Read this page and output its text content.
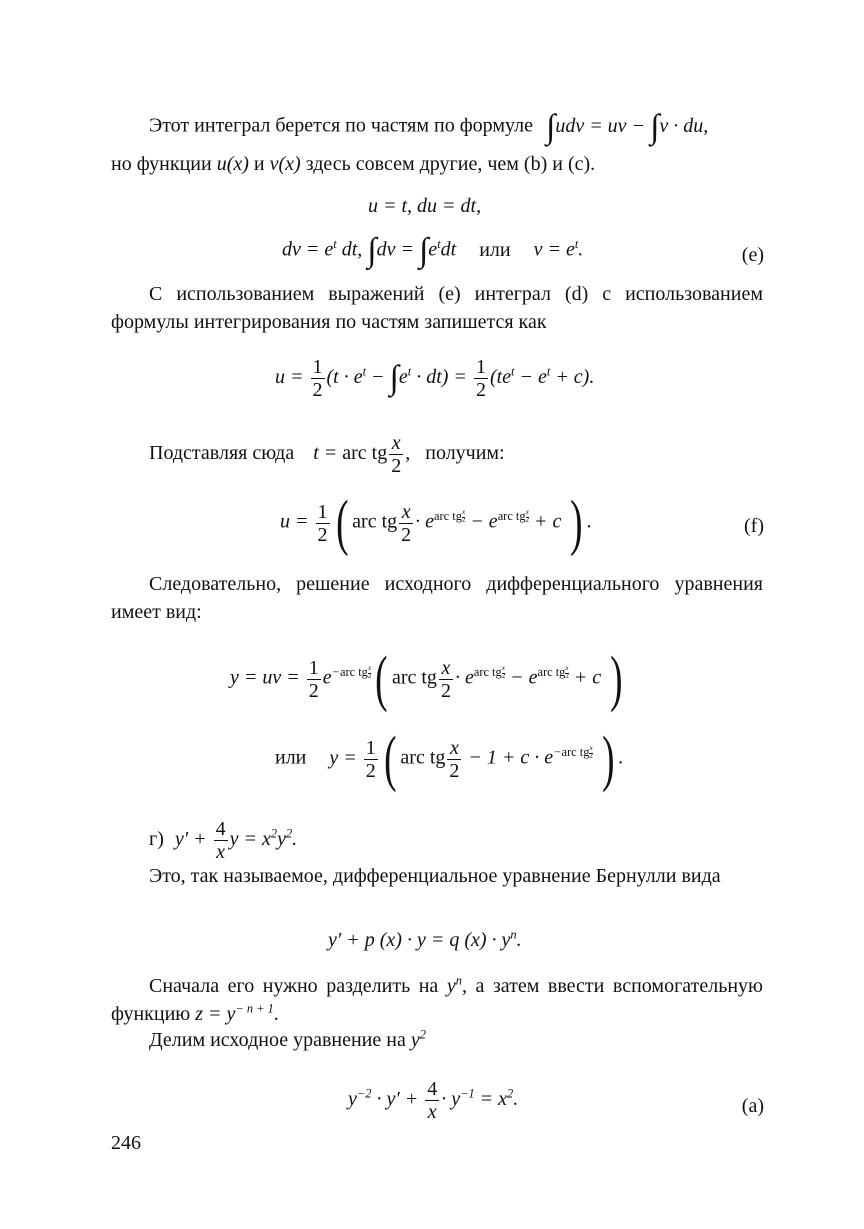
Этот интеграл берется по частям по формуле ∫udv = uv − ∫v · du,
но функции u(x) и v(x) здесь совсем другие, чем (b) и (c).
u = t, du = dt,
dv = $e^t$ dt, $\int dv = \int e^tdt$ или $v = e^t$.	(e)
С использованием выражений (e) интеграл (d) с использованием формулы интегрирования по частям запишется как
$u = \frac{1}{2} (t \cdot e^t - \int e^t \cdot dt) = \frac{1}{2} (te^t - e^t + c)$.
Подставляя сюда t = arc tg $\frac{x}{2}$ , получим:
$u = \frac{1}{2}$ ( arc tg $\frac{x}{2} \cdot e^{arc tg \frac{x}{2}} - e^{arc tg \frac{x}{2}} + c$ ) .	(f)
Следовательно, решение исходного дифференциального уравнения имеет вид:
y = uv = $\frac{1}{2} e^{-arc tg \frac{x}{2}}$ ( arc tg $\frac{x}{2} \cdot e^{arc tg \frac{x}{2}} - e^{arc tg \frac{x}{2}} + c$ )
или $y = \frac{1}{2}$ ( arc tg $\frac{x}{2} - 1 + c \cdot e^{-arc tg \frac{x}{2}}$ ) .
г) $y' + \frac{4}{x}$ $y = x^2y^2$.
Это, так называемое, дифференциальное уравнение Бернулли вида
y′ + p (x) · y = q $(x) \cdot y^n$.
Сначала его нужно разделить на $y^n$, а затем ввести вспомогательную функцию $z = y^{- n + 1}$.
Делим исходное уравнение на $y^2$
$y^{-2} \cdot y' + \frac{4}{x} \cdot y^{-1} = x^2$.	(a)
246
